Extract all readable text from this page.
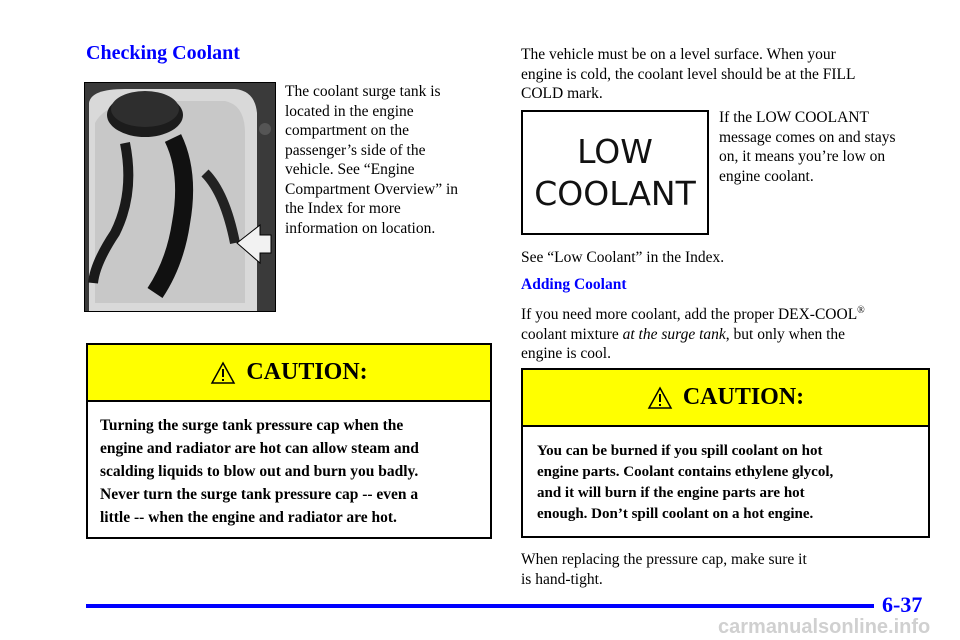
Checking Coolant

The coolant surge tank is

located in the engine

compartment on the

passenger’s side of the

vehicle. See “Engine

Compartment Overview” in

the Index for more

information on location.

CAUTION:

Turning the surge tank pressure cap when the

engine and radiator are hot can allow steam and

scalding liquids to blow out and burn you badly.

Never turn the surge tank pressure cap -- even a

little -- when the engine and radiator are hot.

The vehicle must be on a level surface. When your

engine is cold, the coolant level should be at the FILL

COLD mark.

LOW
COOLANT

If the LOW COOLANT

message comes on and stays

on, it means you’re low on

engine coolant.

See “Low Coolant” in the Index.

Adding Coolant

If you need more coolant, add the proper DEX-COOL®

coolant mixture at the surge tank, but only when the

engine is cool.

CAUTION:

You can be burned if you spill coolant on hot

engine parts. Coolant contains ethylene glycol,

and it will burn if the engine parts are hot

enough. Don’t spill coolant on a hot engine.

When replacing the pressure cap, make sure it

is hand-tight.

6-37
carmanualsonline.info
